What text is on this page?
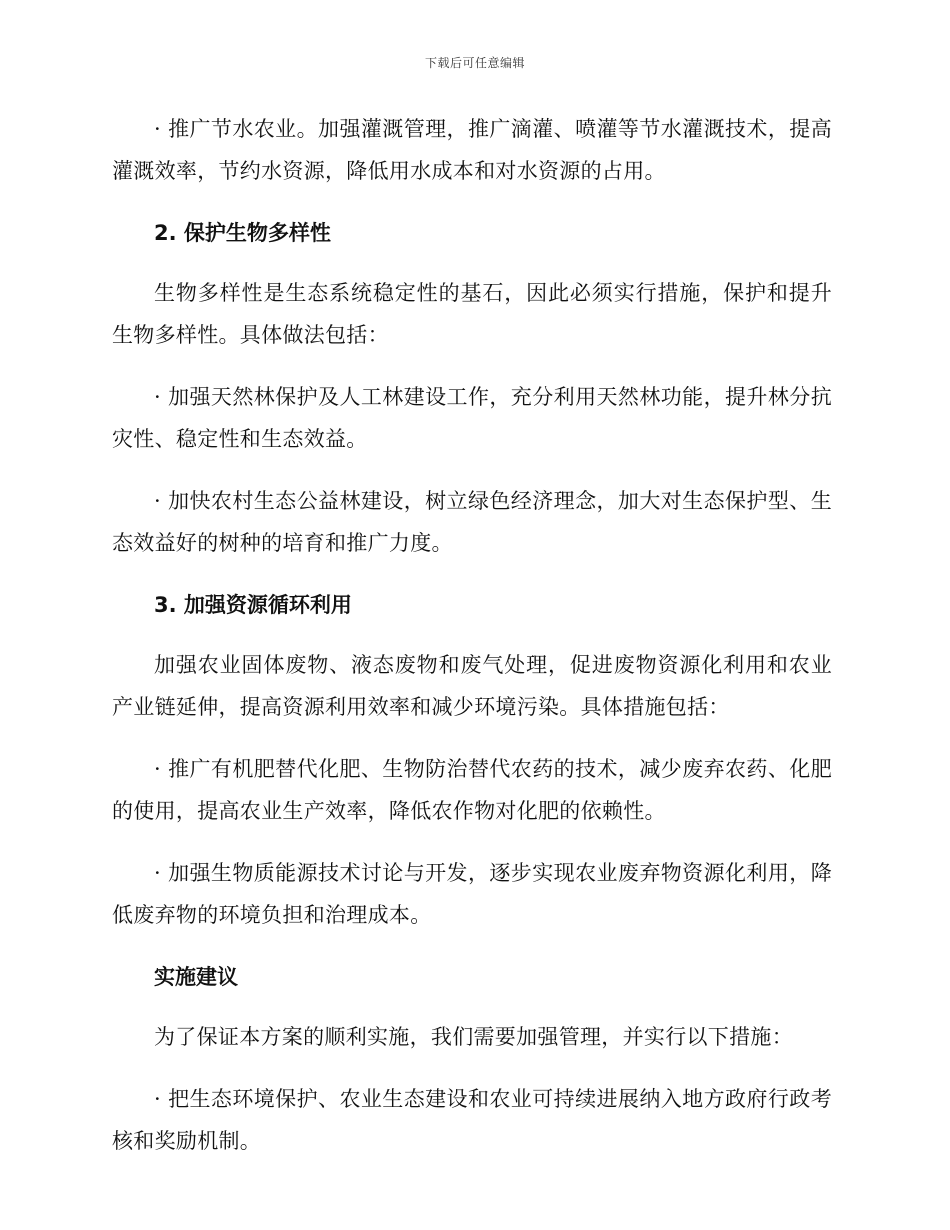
下载后可任意编辑

· 推广节水农业。加强灌溉管理，推广滴灌、喷灌等节水灌溉技术，提高灌溉效率，节约水资源，降低用水成本和对水资源的占用。

2. 保护生物多样性

生物多样性是生态系统稳定性的基石，因此必须实行措施，保护和提升生物多样性。具体做法包括：

· 加强天然林保护及人工林建设工作，充分利用天然林功能，提升林分抗灾性、稳定性和生态效益。

· 加快农村生态公益林建设，树立绿色经济理念，加大对生态保护型、生态效益好的树种的培育和推广力度。

3. 加强资源循环利用

加强农业固体废物、液态废物和废气处理，促进废物资源化利用和农业产业链延伸，提高资源利用效率和减少环境污染。具体措施包括：

· 推广有机肥替代化肥、生物防治替代农药的技术，减少废弃农药、化肥的使用，提高农业生产效率，降低农作物对化肥的依赖性。

· 加强生物质能源技术讨论与开发，逐步实现农业废弃物资源化利用，降低废弃物的环境负担和治理成本。

实施建议

为了保证本方案的顺利实施，我们需要加强管理，并实行以下措施：

· 把生态环境保护、农业生态建设和农业可持续进展纳入地方政府行政考核和奖励机制。
